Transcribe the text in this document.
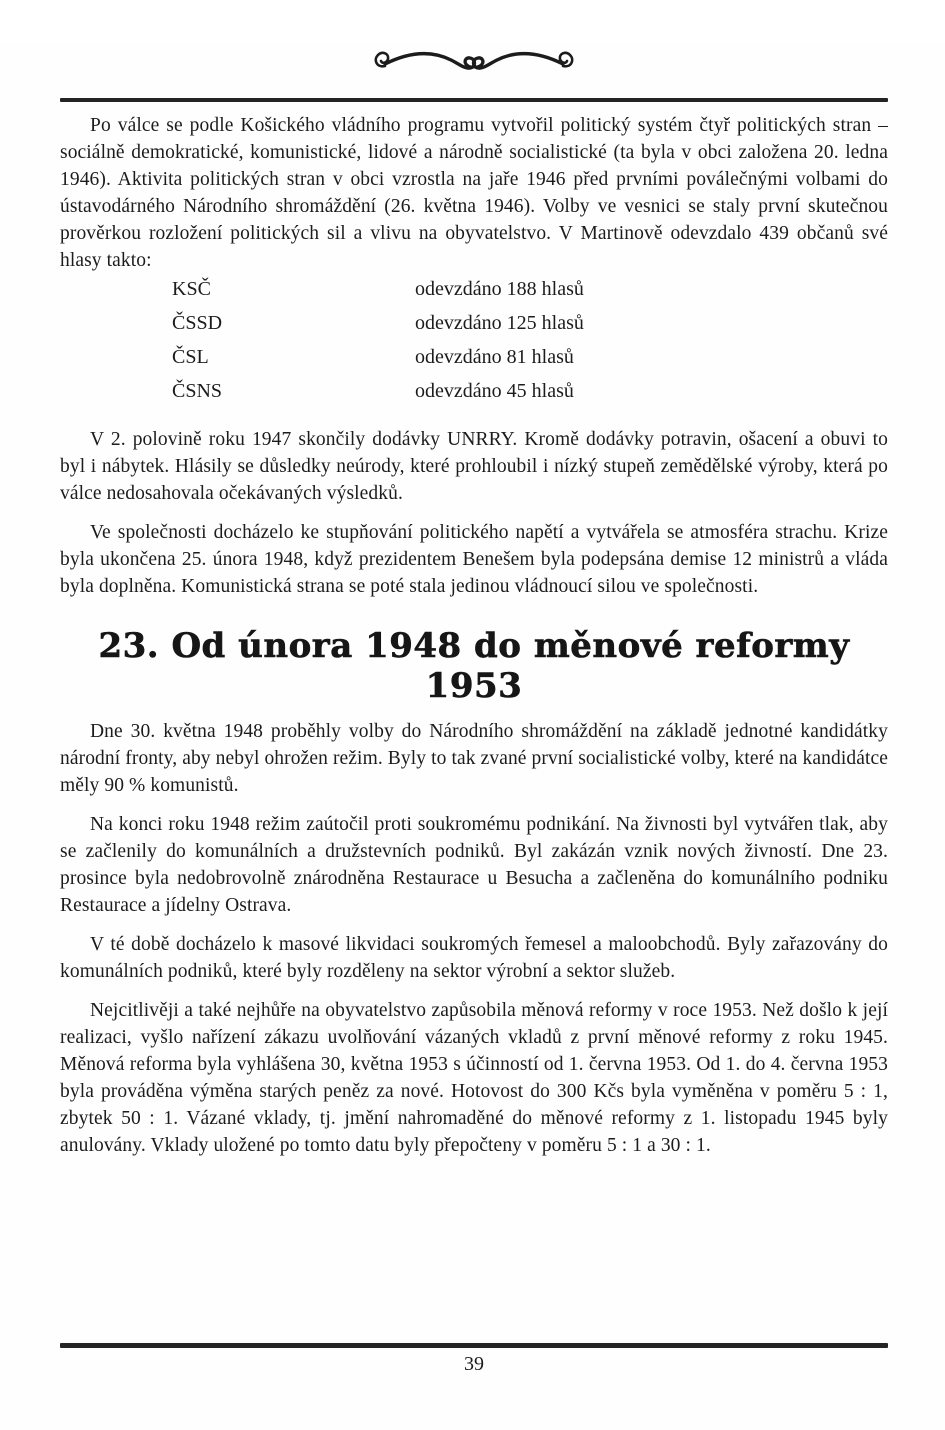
Po válce se podle Košického vládního programu vytvořil politický systém čtyř politických stran – sociálně demokratické, komunistické, lidové a národně socialistické (ta byla v obci založena 20. ledna 1946). Aktivita politických stran v obci vzrostla na jaře 1946 před prvními poválečnými volbami do ústavodárného Národního shromáždění (26. května 1946). Volby ve vesnici se staly první skutečnou prověrkou rozložení politických sil a vlivu na obyvatelstvo. V Martinově odevzdalo 439 občanů své hlasy takto:

KSČ	odevzdáno 188 hlasů
ČSSD	odevzdáno 125 hlasů
ČSL	odevzdáno 81 hlasů
ČSNS	odevzdáno 45 hlasů

V 2. polovině roku 1947 skončily dodávky UNRRY. Kromě dodávky potravin, ošacení a obuvi to byl i nábytek. Hlásily se důsledky neúrody, které prohloubil i nízký stupeň zemědělské výroby, která po válce nedosahovala očekávaných výsledků.

Ve společnosti docházelo ke stupňování politického napětí a vytvářela se atmosféra strachu. Krize byla ukončena 25. února 1948, když prezidentem Benešem byla podepsána demise 12 ministrů a vláda byla doplněna. Komunistická strana se poté stala jedinou vládnoucí silou ve společnosti.

23. Od února 1948 do měnové reformy 1953

Dne 30. května 1948 proběhly volby do Národního shromáždění na základě jednotné kandidátky národní fronty, aby nebyl ohrožen režim. Byly to tak zvané první socialistické volby, které na kandidátce měly 90 % komunistů.

Na konci roku 1948 režim zaútočil proti soukromému podnikání. Na živnosti byl vytvářen tlak, aby se začlenily do komunálních a družstevních podniků. Byl zakázán vznik nových živností. Dne 23. prosince byla nedobrovolně znárodněna Restaurace u Besucha a začleněna do komunálního podniku Restaurace a jídelny Ostrava.

V té době docházelo k masové likvidaci soukromých řemesel a maloobchodů. Byly zařazovány do komunálních podniků, které byly rozděleny na sektor výrobní a sektor služeb.

Nejcitlivěji a také nejhůře na obyvatelstvo zapůsobila měnová reformy v roce 1953. Než došlo k její realizaci, vyšlo nařízení zákazu uvolňování vázaných vkladů z první měnové reformy z roku 1945. Měnová reforma byla vyhlášena 30, května 1953 s účinností od 1. června 1953. Od 1. do 4. června 1953 byla prováděna výměna starých peněz za nové. Hotovost do 300 Kčs byla vyměněna v poměru 5 : 1, zbytek 50 : 1. Vázané vklady, tj. jmění nahromaděné do měnové reformy z 1. listopadu 1945 byly anulovány. Vklady uložené po tomto datu byly přepočteny v poměru 5 : 1 a 30 : 1.

39
